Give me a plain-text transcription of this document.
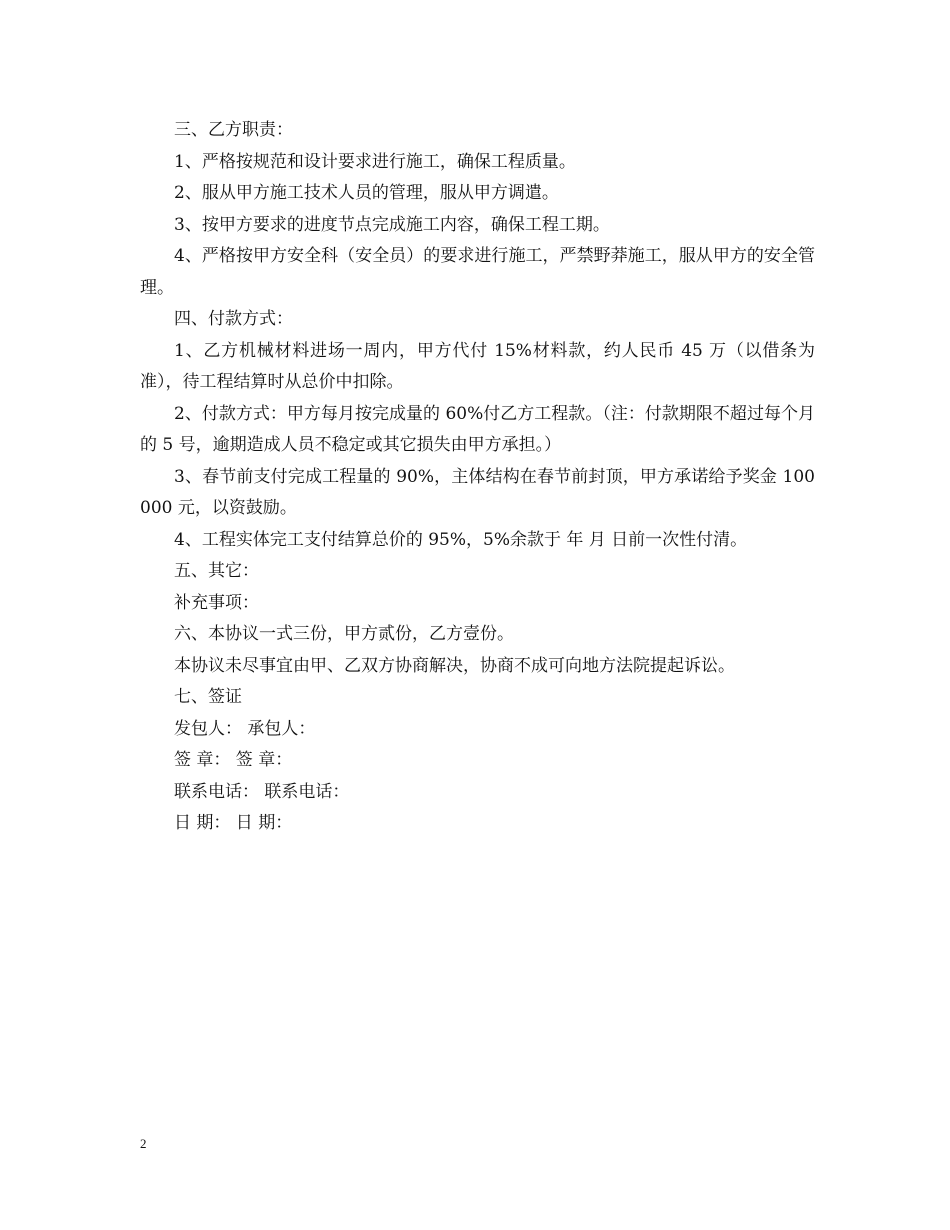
三、乙方职责：

1、严格按规范和设计要求进行施工，确保工程质量。

2、服从甲方施工技术人员的管理，服从甲方调遣。

3、按甲方要求的进度节点完成施工内容，确保工程工期。

4、严格按甲方安全科（安全员）的要求进行施工，严禁野莽施工，服从甲方的安全管理。

四、付款方式：

1、乙方机械材料进场一周内，甲方代付 15%材料款，约人民币 45 万（以借条为准），待工程结算时从总价中扣除。

2、付款方式：甲方每月按完成量的 60%付乙方工程款。（注：付款期限不超过每个月的 5 号，逾期造成人员不稳定或其它损失由甲方承担。）

3、春节前支付完成工程量的 90%，主体结构在春节前封顶，甲方承诺给予奖金 100000 元，以资鼓励。

4、工程实体完工支付结算总价的 95%，5%余款于 年 月 日前一次性付清。

五、其它：

补充事项：

六、本协议一式三份，甲方贰份，乙方壹份。

本协议未尽事宜由甲、乙双方协商解决，协商不成可向地方法院提起诉讼。

七、签证

发包人： 承包人：

签 章： 签 章：

联系电话： 联系电话：

日 期： 日 期：

2
